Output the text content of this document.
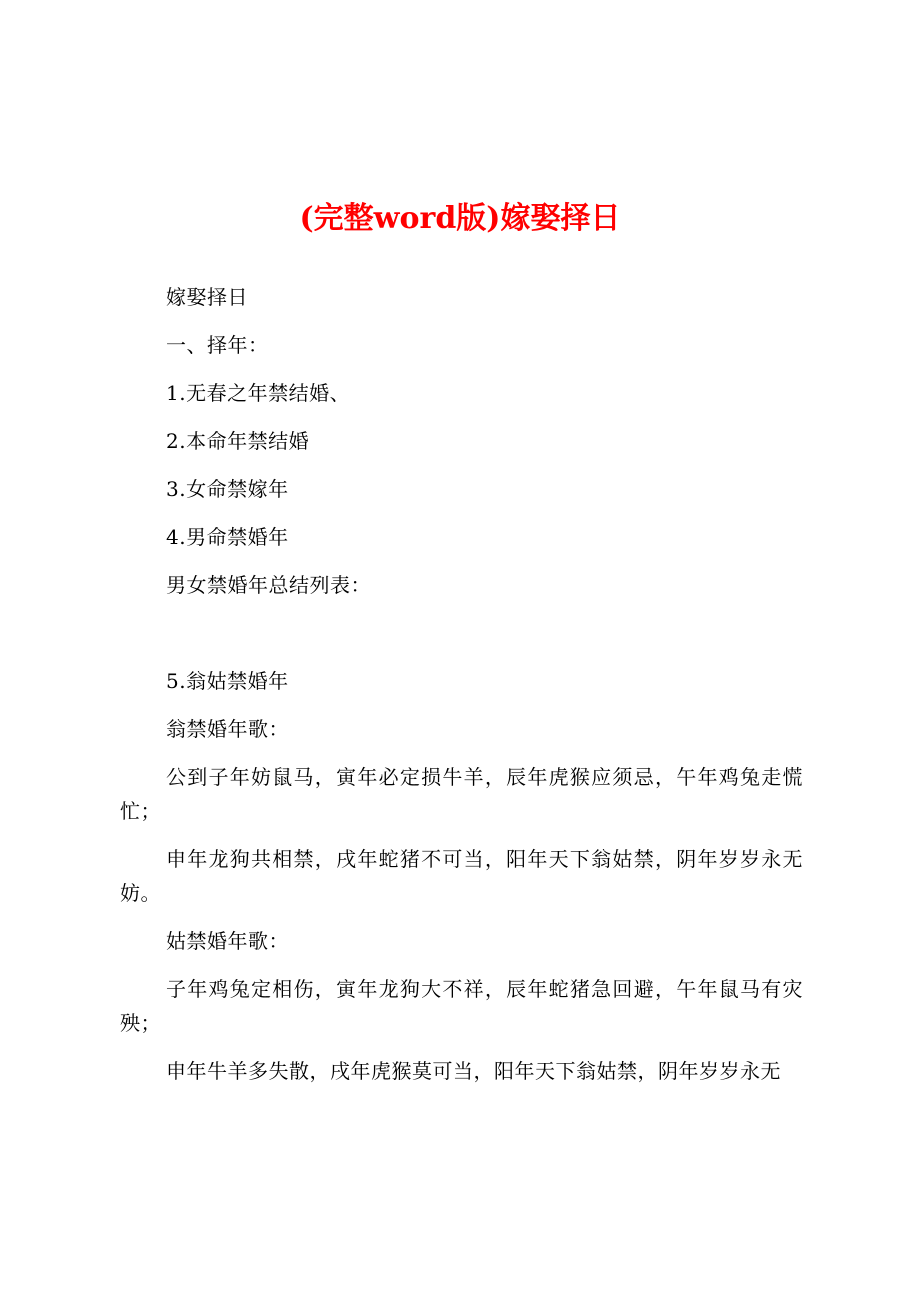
(完整word版)嫁娶择日

嫁娶择日

一、择年：

1.无春之年禁结婚、

2.本命年禁结婚

3.女命禁嫁年

4.男命禁婚年

男女禁婚年总结列表：

5.翁姑禁婚年

翁禁婚年歌：

公到子年妨鼠马，寅年必定损牛羊，辰年虎猴应须忌，午年鸡兔走慌忙；

申年龙狗共相禁，戌年蛇猪不可当，阳年天下翁姑禁，阴年岁岁永无妨。

姑禁婚年歌：

子年鸡兔定相伤，寅年龙狗大不祥，辰年蛇猪急回避，午年鼠马有灾殃；

申年牛羊多失散，戌年虎猴莫可当，阳年天下翁姑禁，阴年岁岁永无
